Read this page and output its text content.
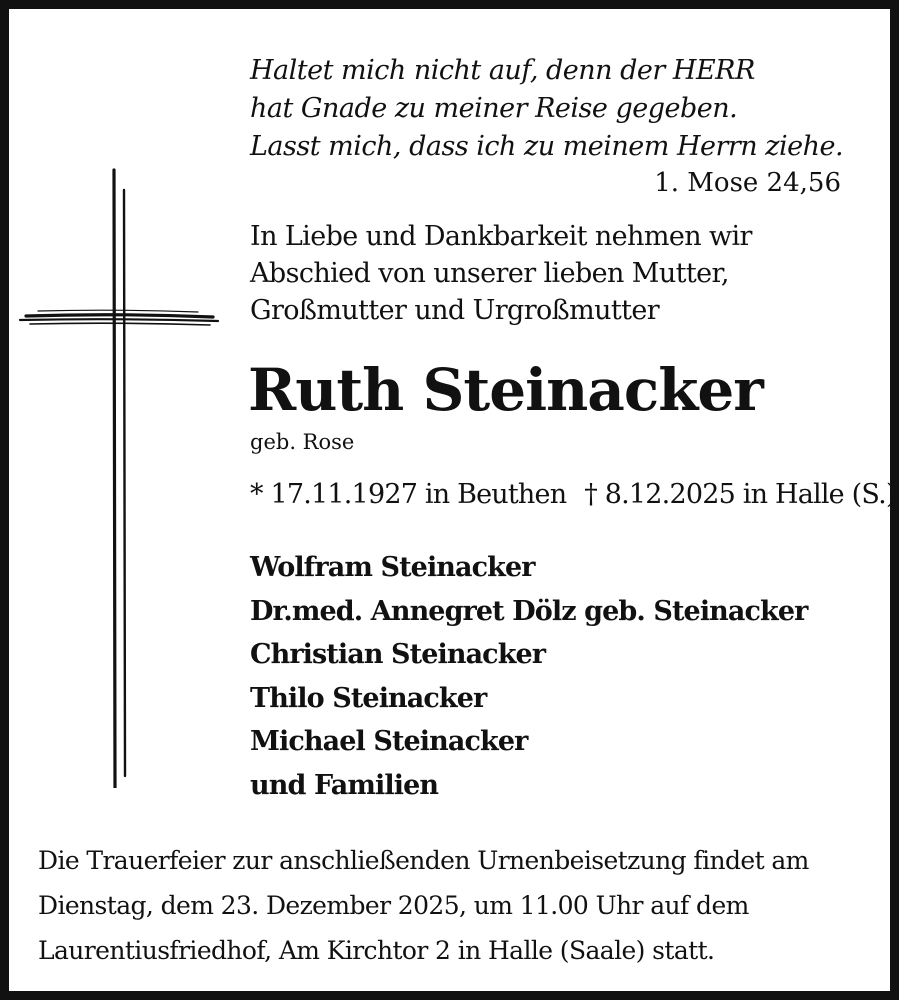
Haltet mich nicht auf, denn der HERR
hat Gnade zu meiner Reise gegeben.
Lasst mich, dass ich zu meinem Herrn ziehe.
1. Mose 24,56
In Liebe und Dankbarkeit nehmen wir
Abschied von unserer lieben Mutter,
Großmutter und Urgroßmutter
Ruth Steinacker
geb. Rose
* 17.11.1927 in Beuthen † 8.12.2025 in Halle (S.)
Wolfram Steinacker
Dr.med. Annegret Dölz geb. Steinacker
Christian Steinacker
Thilo Steinacker
Michael Steinacker
und Familien
Die Trauerfeier zur anschließenden Urnenbeisetzung findet am
Dienstag, dem 23. Dezember 2025, um 11.00 Uhr auf dem
Laurentiusfriedhof, Am Kirchtor 2 in Halle (Saale) statt.
